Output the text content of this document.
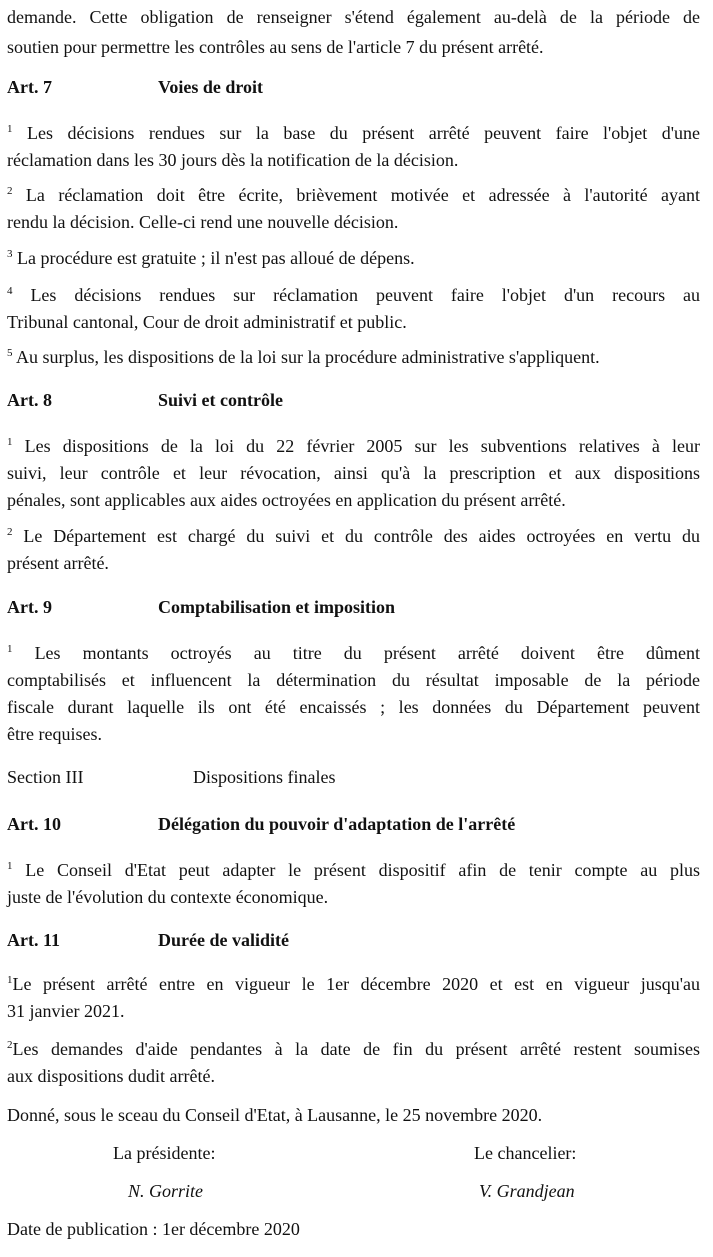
demande. Cette obligation de renseigner s'étend également au-delà de la période de
soutien pour permettre les contrôles au sens de l'article 7 du présent arrêté.
Art. 7	Voies de droit
$^1$ Les décisions rendues sur la base du présent arrêté peuvent faire l'objet d'une
réclamation dans les 30 jours dès la notification de la décision.
$^2$ La réclamation doit être écrite, brièvement motivée et adressée à l'autorité ayant
rendu la décision. Celle-ci rend une nouvelle décision.
$^3$ La procédure est gratuite ; il n'est pas alloué de dépens.
$^4$ Les décisions rendues sur réclamation peuvent faire l'objet d'un recours au
Tribunal cantonal, Cour de droit administratif et public.
$^5$ Au surplus, les dispositions de la loi sur la procédure administrative s'appliquent.
Art. 8	Suivi et contrôle
$^1$ Les dispositions de la loi du 22 février 2005 sur les subventions relatives à leur
suivi, leur contrôle et leur révocation, ainsi qu'à la prescription et aux dispositions
pénales, sont applicables aux aides octroyées en application du présent arrêté.
$^2$ Le Département est chargé du suivi et du contrôle des aides octroyées en vertu du
présent arrêté.
Art. 9	Comptabilisation et imposition
$^1$ Les montants octroyés au titre du présent arrêté doivent être dûment
comptabilisés et influencent la détermination du résultat imposable de la période
fiscale durant laquelle ils ont été encaissés ; les données du Département peuvent
être requises.
Section III	Dispositions finales
Art. 10	Délégation du pouvoir d'adaptation de l'arrêté
$^1$ Le Conseil d'Etat peut adapter le présent dispositif afin de tenir compte au plus
juste de l'évolution du contexte économique.
Art. 11	Durée de validité
$^1$Le présent arrêté entre en vigueur le 1er décembre 2020 et est en vigueur jusqu'au
31 janvier 2021.
$^2$Les demandes d'aide pendantes à la date de fin du présent arrêté restent soumises
aux dispositions dudit arrêté.
Donné, sous le sceau du Conseil d'Etat, à Lausanne, le 25 novembre 2020.
La présidente:	Le chancelier:
N. Gorrite	V. Grandjean
Date de publication : 1er décembre 2020
